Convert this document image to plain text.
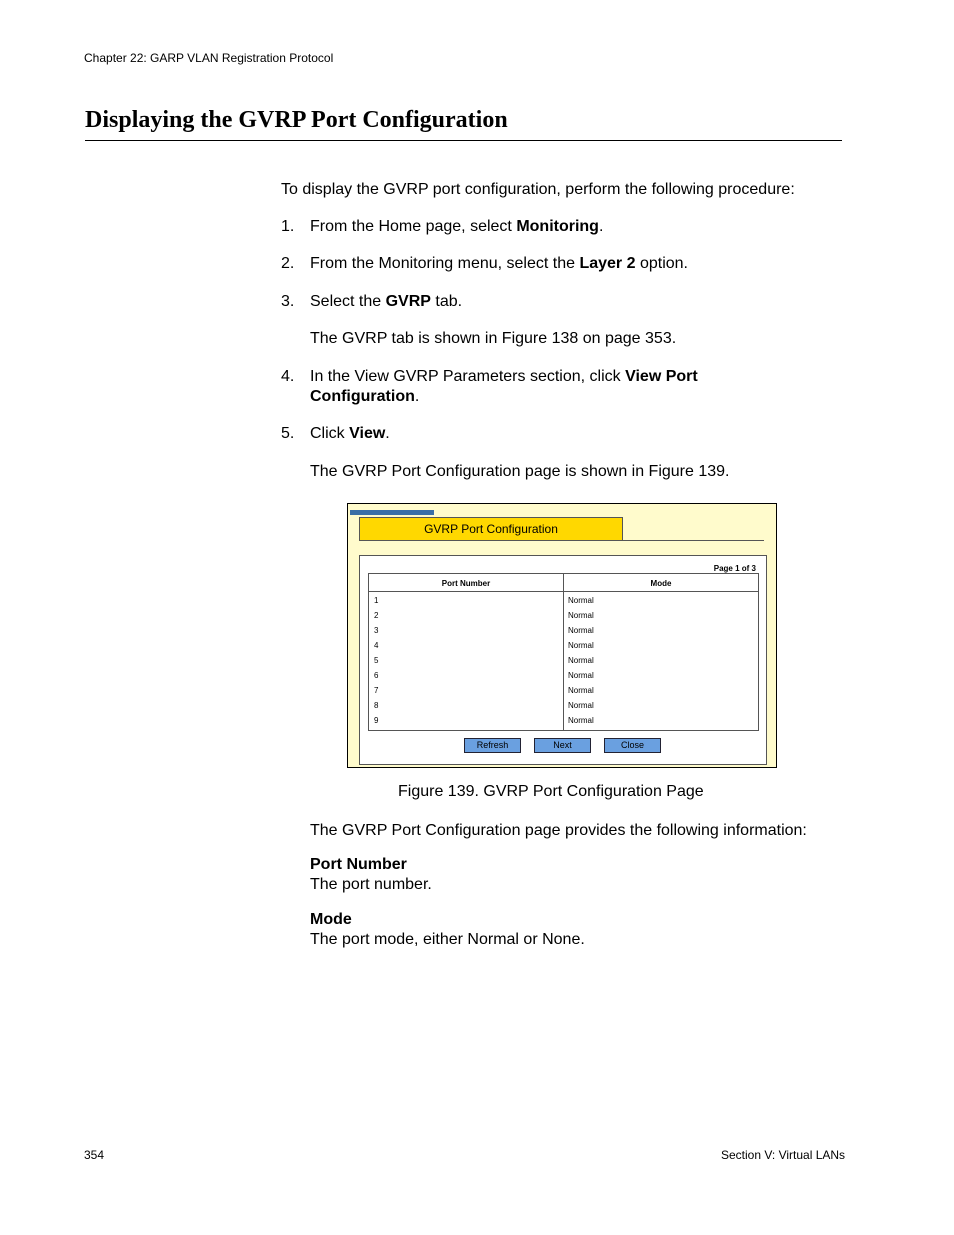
Chapter 22: GARP VLAN Registration Protocol
Displaying the GVRP Port Configuration
To display the GVRP port configuration, perform the following procedure:
1. From the Home page, select Monitoring.
2. From the Monitoring menu, select the Layer 2 option.
3. Select the GVRP tab.
The GVRP tab is shown in Figure 138 on page 353.
4. In the View GVRP Parameters section, click View Port
Configuration.
5. Click View.
The GVRP Port Configuration page is shown in Figure 139.
GVRP Port Configuration
Page 1 of 3
Port Number	Mode
1	Normal
2	Normal
3	Normal
4	Normal
5	Normal
6	Normal
7	Normal
8	Normal
9	Normal
Refresh	Next	Close
Figure 139. GVRP Port Configuration Page
The GVRP Port Configuration page provides the following information:
Port Number
The port number.
Mode
The port mode, either Normal or None.
354	Section V: Virtual LANs
